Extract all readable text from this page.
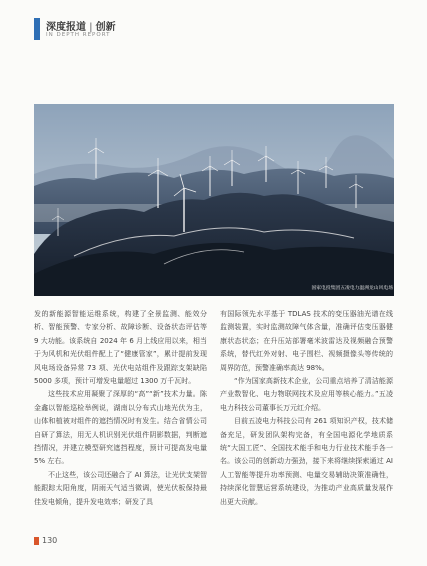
深度报道 | 创新
IN DEPTH REPORT
国家电投集团五凌电力温洲龙山风电场

发的新能源智能运维系统，构建了全景监测、能效分析、智能预警、专家分析、故障诊断、设备状态评估等 9 大功能。该系统自 2024 年 6 月上线应用以来，相当于为风机和光伏组件配上了“健康管家”，累计提前发现风电场设备异常 73 项、光伏电站组件及跟踪支架缺陷 5000 多项，预计可增发电量超过 1300 万千瓦时。

这些技术应用凝聚了深厚的“高”“新”技术力量。陈金鑫以智能巡检举例说，湖南以分布式山地光伏为主，山体和植被对组件的遮挡情况时有发生。结合省情公司自研了算法，用无人机识别光伏组件阴影数据，判断遮挡情况，并建立模型研究遮挡程度，预计可提高发电量 5% 左右。

不止这些，该公司还融合了 AI 算法，让光伏支架智能跟踪太阳角度，阴雨天气适当微调，使光伏板保持最佳发电倾角，提升发电效率；研发了具

有国际领先水平基于 TDLAS 技术的变压器油光谱在线监测装置，实时监测故障气体含量，准确评估变压器健康状态状态；在升压站部署毫米波雷达及视频融合预警系统，替代红外对射、电子围栏、视频摄像头等传统的周界防范，预警准确率高达 98%。

“作为国家高新技术企业，公司重点培养了清洁能源产业数智化、电力物联网技术及应用等核心能力。”五凌电力科技公司董事长万元红介绍。

目前五凌电力科技公司有 261 项知识产权，技术储备充足，研发团队架构完备，有全国电源化学地质系统“大国工匠”、全国技术能手和电力行业技术能手各一名。该公司的创新动力强劲，接下来将继续探索通过 AI 人工智能等提升功率预测、电量交易辅助决策准确性，持续深化智慧运营系统建设，为推动产业高质量发展作出更大贡献。

130
